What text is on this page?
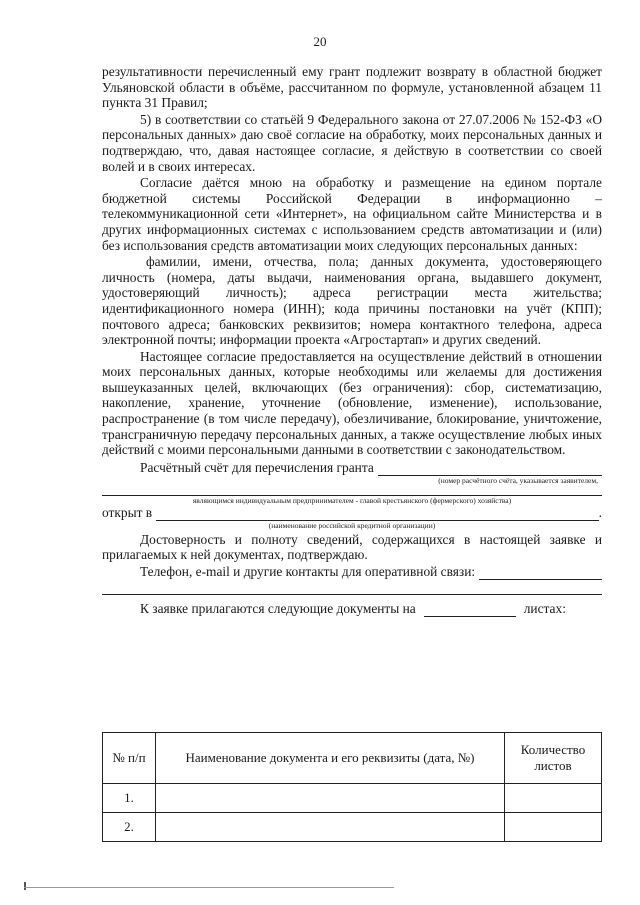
20

результативности перечисленный ему грант подлежит возврату в областной бюджет Ульяновской области в объёме, рассчитанном по формуле, установленной абзацем 11 пункта 31 Правил;

5) в соответствии со статьёй 9 Федерального закона от 27.07.2006 № 152-ФЗ «О персональных данных» даю своё согласие на обработку, моих персональных данных и подтверждаю, что, давая настоящее согласие, я действую в соответствии со своей волей и в своих интересах.

Согласие даётся мною на обработку и размещение на едином портале бюджетной системы Российской Федерации в информационно – телекоммуникационной сети «Интернет», на официальном сайте Министерства и в других информационных системах с использованием средств автоматизации и (или) без использования средств автоматизации моих следующих персональных данных:

фамилии, имени, отчества, пола; данных документа, удостоверяющего личность (номера, даты выдачи, наименования органа, выдавшего документ, удостоверяющий личность); адреса регистрации места жительства; идентификационного номера (ИНН); кода причины постановки на учёт (КПП); почтового адреса; банковских реквизитов; номера контактного телефона, адреса электронной почты; информации проекта «Агростартап» и других сведений.

Настоящее согласие предоставляется на осуществление действий в отношении моих персональных данных, которые необходимы или желаемы для достижения вышеуказанных целей, включающих (без ограничения): сбор, систематизацию, накопление, хранение, уточнение (обновление, изменение), использование, распространение (в том числе передачу), обезличивание, блокирование, уничтожение, трансграничную передачу персональных данных, а также осуществление любых иных действий с моими персональными данными в соответствии с законодательством.

Расчётный счёт для перечисления гранта
(номер расчётного счёта, указывается заявителем,
являющимся индивидуальным предпринимателем - главой крестьянского (фермерского) хозяйства)
открыт в	.
(наименование российской кредитной организации)

Достоверность и полноту сведений, содержащихся в настоящей заявке и прилагаемых к ней документах, подтверждаю.

Телефон, e-mail и другие контакты для оперативной связи:
К заявке прилагаются следующие документы на	листах:
№ п/п	Наименование документа и его реквизиты (дата, №)	Количество листов
1.		
2.		
